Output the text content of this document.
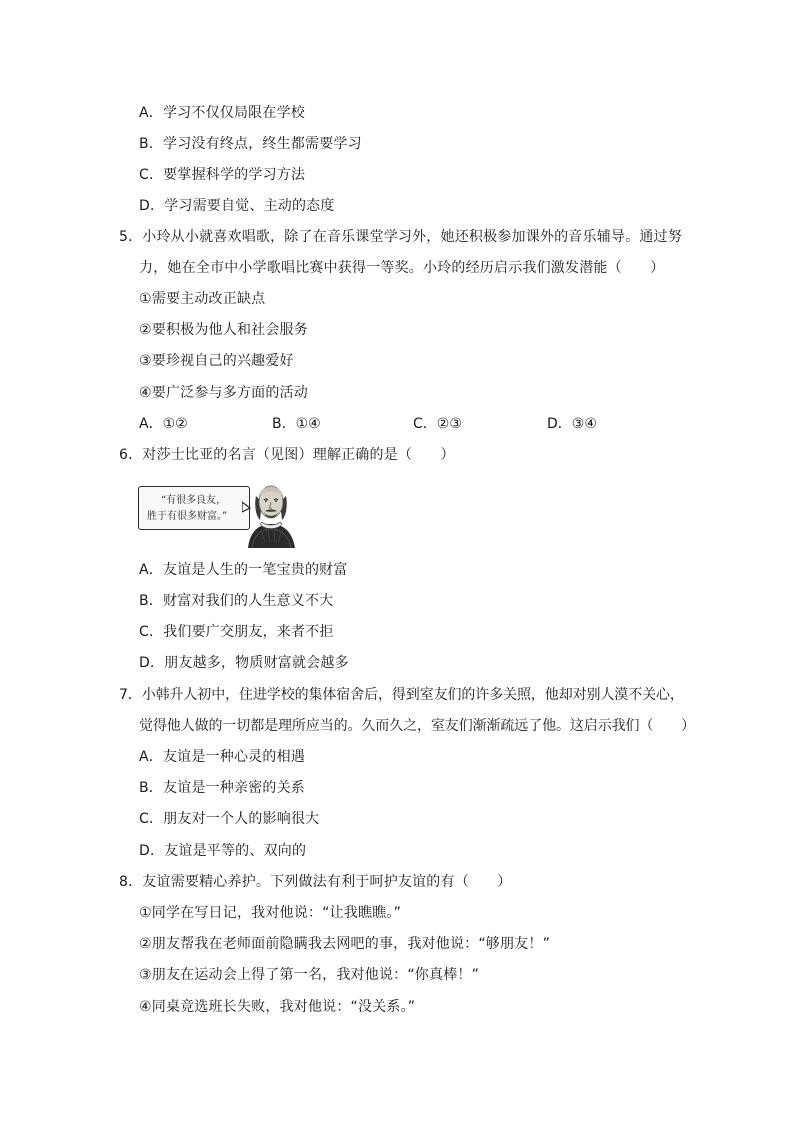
A．学习不仅仅局限在学校
B．学习没有终点，终生都需要学习
C．要掌握科学的学习方法
D．学习需要自觉、主动的态度
5．小玲从小就喜欢唱歌，除了在音乐课堂学习外，她还积极参加课外的音乐辅导。通过努
力，她在全市中小学歌唱比赛中获得一等奖。小玲的经历启示我们激发潜能（　　）
①需要主动改正缺点
②要积极为他人和社会服务
③要珍视自己的兴趣爱好
④要广泛参与多方面的活动
A．①②	B．①④	C．②③	D．③④
6．对莎士比亚的名言（见图）理解正确的是（　　）
“有很多良友，
胜于有很多财富。”
A．友谊是人生的一笔宝贵的财富
B．财富对我们的人生意义不大
C．我们要广交朋友，来者不拒
D．朋友越多，物质财富就会越多
7．小韩升人初中，住进学校的集体宿舍后，得到室友们的许多关照，他却对别人漠不关心，
觉得他人做的一切都是理所应当的。久而久之，室友们渐渐疏远了他。这启示我们（　　）
A．友谊是一种心灵的相遇
B．友谊是一种亲密的关系
C．朋友对一个人的影响很大
D．友谊是平等的、双向的
8．友谊需要精心养护。下列做法有利于呵护友谊的有（　　）
①同学在写日记，我对他说：“让我瞧瞧。”
②朋友帮我在老师面前隐瞒我去网吧的事，我对他说：“够朋友！”
③朋友在运动会上得了第一名，我对他说：“你真棒！”
④同桌竞选班长失败，我对他说：“没关系。”
